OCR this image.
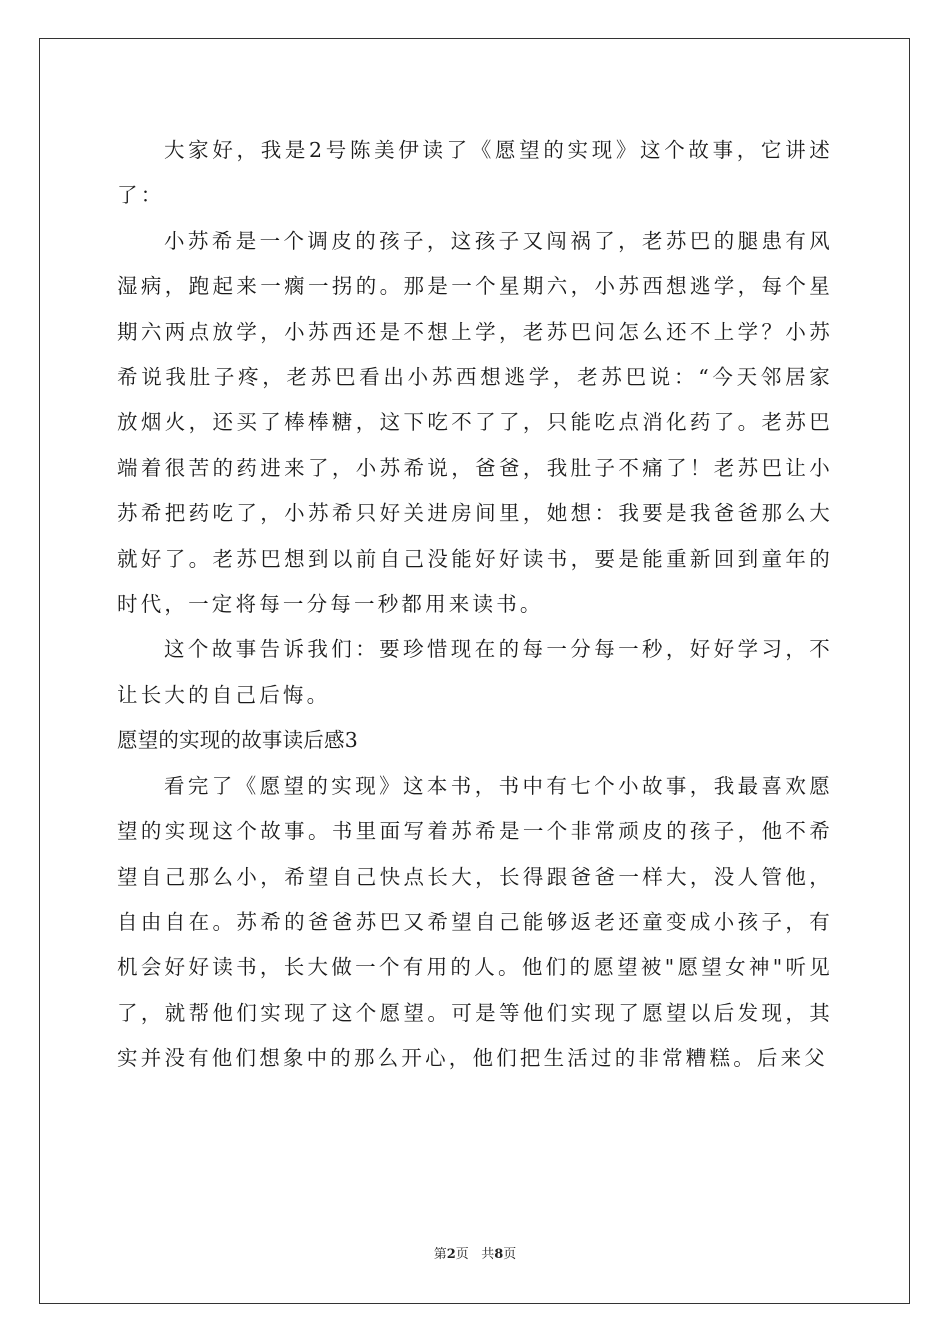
大家好，我是2号陈美伊读了《愿望的实现》这个故事，它讲述了：

小苏希是一个调皮的孩子，这孩子又闯祸了，老苏巴的腿患有风湿病，跑起来一瘸一拐的。那是一个星期六，小苏西想逃学，每个星期六两点放学，小苏西还是不想上学，老苏巴问怎么还不上学？小苏希说我肚子疼，老苏巴看出小苏西想逃学，老苏巴说：“今天邻居家放烟火，还买了棒棒糖，这下吃不了了，只能吃点消化药了。老苏巴端着很苦的药进来了，小苏希说，爸爸，我肚子不痛了！老苏巴让小苏希把药吃了，小苏希只好关进房间里，她想：我要是我爸爸那么大就好了。老苏巴想到以前自己没能好好读书，要是能重新回到童年的时代，一定将每一分每一秒都用来读书。

这个故事告诉我们：要珍惜现在的每一分每一秒，好好学习，不让长大的自己后悔。

愿望的实现的故事读后感3

看完了《愿望的实现》这本书，书中有七个小故事，我最喜欢愿望的实现这个故事。书里面写着苏希是一个非常顽皮的孩子，他不希望自己那么小，希望自己快点长大，长得跟爸爸一样大，没人管他，自由自在。苏希的爸爸苏巴又希望自己能够返老还童变成小孩子，有机会好好读书，长大做一个有用的人。他们的愿望被"愿望女神"听见了，就帮他们实现了这个愿望。可是等他们实现了愿望以后发现，其实并没有他们想象中的那么开心，他们把生活过的非常糟糕。后来父

第2页 共8页
